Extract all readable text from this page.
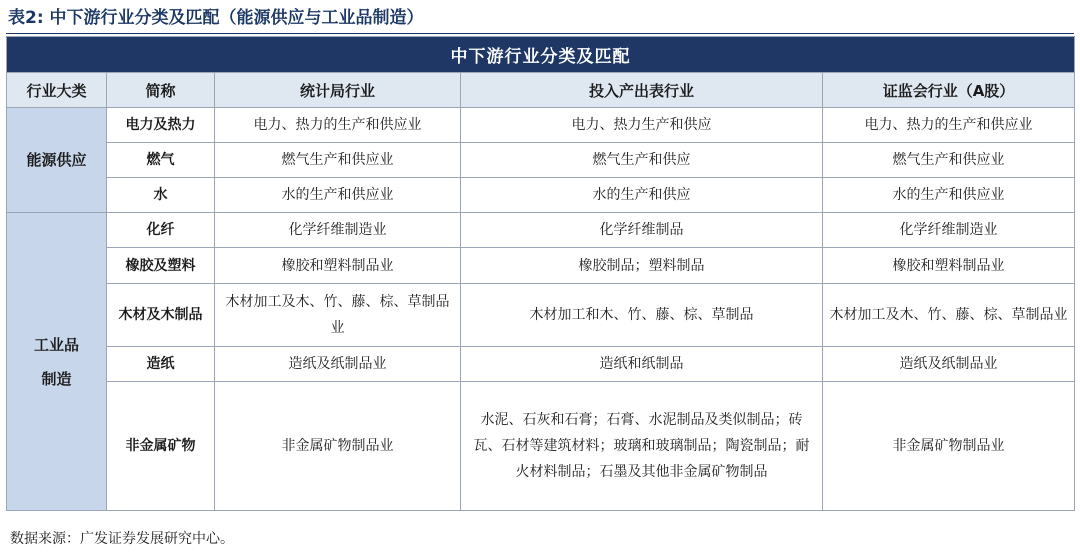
表2: 中下游行业分类及匹配（能源供应与工业品制造）
中下游行业分类及匹配				
行业大类	简称	统计局行业	投入产出表行业	证监会行业（A股）
能源供应	电力及热力	电力、热力的生产和供应业	电力、热力生产和供应	电力、热力的生产和供应业
	燃气	燃气生产和供应业	燃气生产和供应	燃气生产和供应业
	水	水的生产和供应业	水的生产和供应	水的生产和供应业
工业品制造	化纤	化学纤维制造业	化学纤维制品	化学纤维制造业
	橡胶及塑料	橡胶和塑料制品业	橡胶制品；塑料制品	橡胶和塑料制品业
	木材及木制品	木材加工及木、竹、藤、棕、草制品业	木材加工和木、竹、藤、棕、草制品	木材加工及木、竹、藤、棕、草制品业
	造纸	造纸及纸制品业	造纸和纸制品	造纸及纸制品业
	非金属矿物	非金属矿物制品业	水泥、石灰和石膏；石膏、水泥制品及类似制品；砖瓦、石材等建筑材料；玻璃和玻璃制品；陶瓷制品；耐火材料制品；石墨及其他非金属矿物制品	非金属矿物制品业
数据来源：广发证券发展研究中心。
